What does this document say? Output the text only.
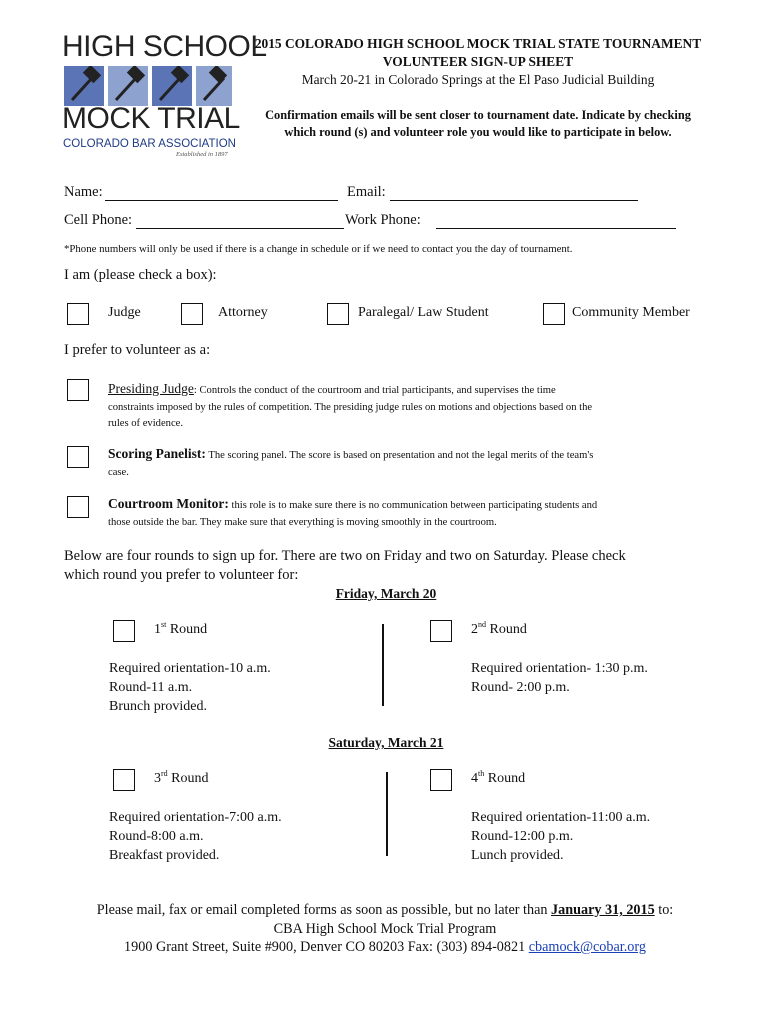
HIGH SCHOOL
MOCK TRIAL
COLORADO BAR ASSOCIATION
Established in 1897
2015 COLORADO HIGH SCHOOL MOCK TRIAL STATE TOURNAMENT
VOLUNTEER SIGN-UP SHEET
March 20-21 in Colorado Springs at the El Paso Judicial Building
Confirmation emails will be sent closer to tournament date. Indicate by checking
which round (s) and volunteer role you would like to participate in below.
Name:	Email:
Cell Phone:	Work Phone:
*Phone numbers will only be used if there is a change in schedule or if we need to contact you the day of tournament.
I am (please check a box):
Judge	Attorney	Paralegal/ Law Student	Community Member
I prefer to volunteer as a:
Presiding Judge: Controls the conduct of the courtroom and trial participants, and supervises the time
constraints imposed by the rules of competition. The presiding judge rules on motions and objections based on the
rules of evidence.
Scoring Panelist: The scoring panel. The score is based on presentation and not the legal merits of the team's
case.
Courtroom Monitor: this role is to make sure there is no communication between participating students and
those outside the bar. They make sure that everything is moving smoothly in the courtroom.
Below are four rounds to sign up for. There are two on Friday and two on Saturday. Please check
which round you prefer to volunteer for:
Friday, March 20
1st Round
Required orientation-10 a.m.
Round-11 a.m.
Brunch provided.
2nd Round
Required orientation- 1:30 p.m.
Round- 2:00 p.m.
Saturday, March 21
3rd Round
Required orientation-7:00 a.m.
Round-8:00 a.m.
Breakfast provided.
4th Round
Required orientation-11:00 a.m.
Round-12:00 p.m.
Lunch provided.
Please mail, fax or email completed forms as soon as possible, but no later than January 31, 2015 to:
CBA High School Mock Trial Program
1900 Grant Street, Suite #900, Denver CO 80203 Fax: (303) 894-0821 cbamock@cobar.org
